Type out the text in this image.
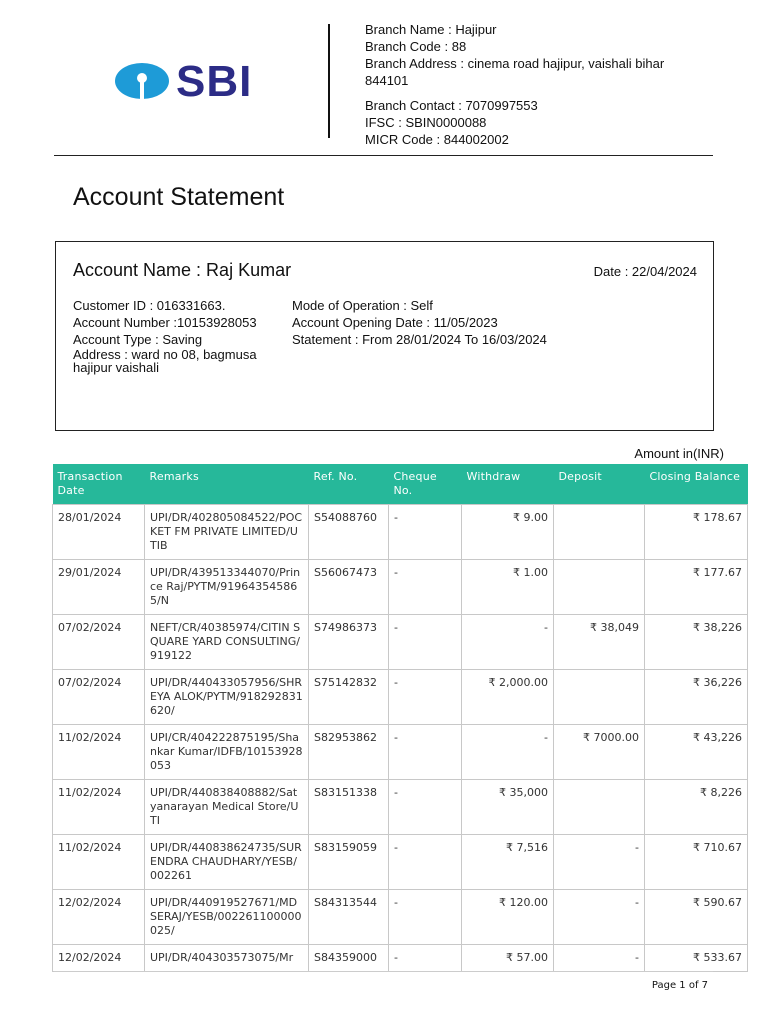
SBI
Branch Name : Hajipur
Branch Code : 88
Branch Address : cinema road hajipur, vaishali bihar 844101
Branch Contact : 7070997553
IFSC : SBIN0000088
MICR Code : 844002002
Account Statement
Account Name : Raj Kumar	Date : 22/04/2024
Customer ID : 016331663.
Account Number :10153928053
Account Type : Saving
Address : ward no 08, bagmusa hajipur vaishali
Mode of Operation : Self
Account Opening Date : 11/05/2023
Statement : From 28/01/2024 To 16/03/2024
Amount in(INR)
Transaction Date	Remarks	Ref. No.	Cheque No.	Withdraw	Deposit	Closing Balance
28/01/2024	UPI/DR/402805084522/POCKET FM PRIVATE LIMITED/UTIB	S54088760	-	₹ 9.00		₹ 178.67
29/01/2024	UPI/DR/439513344070/Prince Raj/PYTM/919643545865/N	S56067473	-	₹ 1.00		₹ 177.67
07/02/2024	NEFT/CR/40385974/CITIN SQUARE YARD CONSULTING/919122	S74986373	-	-	₹ 38,049	₹ 38,226
07/02/2024	UPI/DR/440433057956/SHREYA ALOK/PYTM/918292831620/	S75142832	-	₹ 2,000.00		₹ 36,226
11/02/2024	UPI/CR/404222875195/Shankar Kumar/IDFB/10153928053	S82953862	-	-	₹ 7000.00	₹ 43,226
11/02/2024	UPI/DR/440838408882/Satyanarayan Medical Store/UTI	S83151338	-	₹ 35,000		₹ 8,226
11/02/2024	UPI/DR/440838624735/SURENDRA CHAUDHARY/YESB/002261	S83159059	-	₹ 7,516	-	₹ 710.67
12/02/2024	UPI/DR/440919527671/MDSERAJ/YESB/002261100000025/	S84313544	-	₹ 120.00	-	₹ 590.67
12/02/2024	UPI/DR/404303573075/Mr	S84359000	-	₹ 57.00	-	₹ 533.67
Page 1 of 7
